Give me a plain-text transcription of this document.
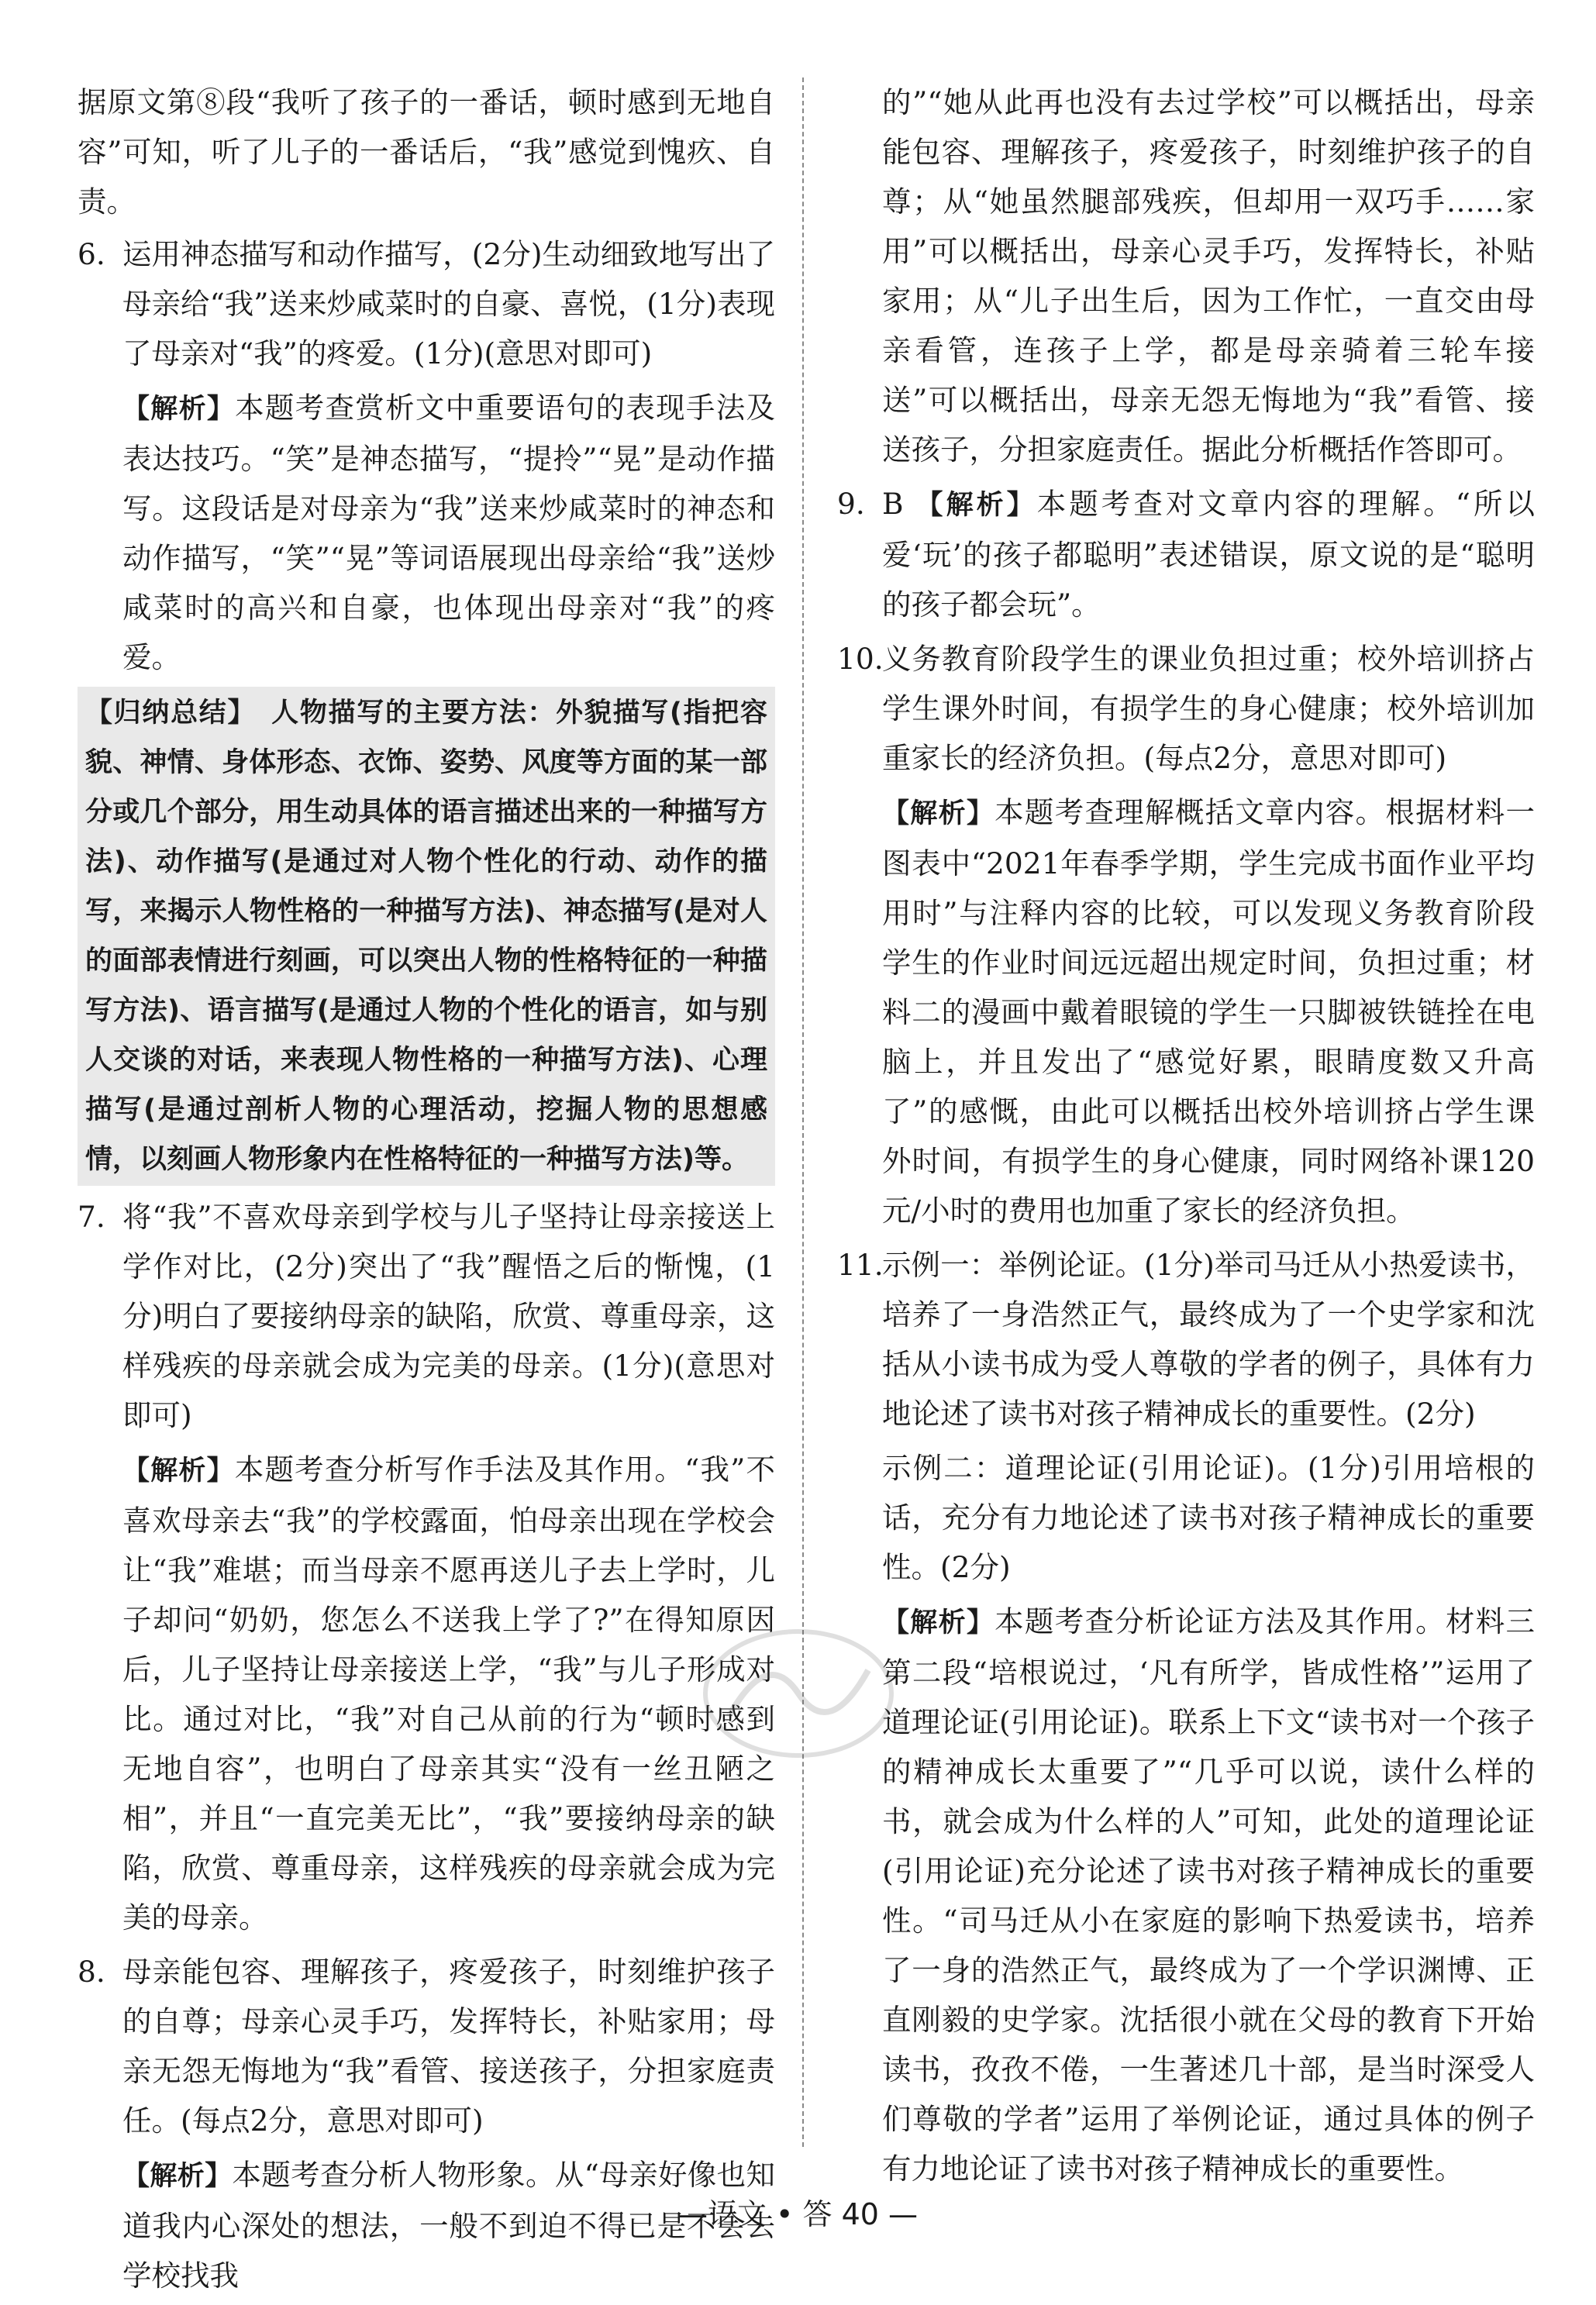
据原文第⑧段“我听了孩子的一番话，顿时感到无地自容”可知，听了儿子的一番话后，“我”感觉到愧疚、自责。

6. 运用神态描写和动作描写，(2分)生动细致地写出了母亲给“我”送来炒咸菜时的自豪、喜悦，(1分)表现了母亲对“我”的疼爱。(1分)(意思对即可)

【解析】本题考查赏析文中重要语句的表现手法及表达技巧。“笑”是神态描写，“提拎”“晃”是动作描写。这段话是对母亲为“我”送来炒咸菜时的神态和动作描写，“笑”“晃”等词语展现出母亲给“我”送炒咸菜时的高兴和自豪，也体现出母亲对“我”的疼爱。

【归纳总结】 人物描写的主要方法：外貌描写(指把容貌、神情、身体形态、衣饰、姿势、风度等方面的某一部分或几个部分，用生动具体的语言描述出来的一种描写方法)、动作描写(是通过对人物个性化的行动、动作的描写，来揭示人物性格的一种描写方法)、神态描写(是对人的面部表情进行刻画，可以突出人物的性格特征的一种描写方法)、语言描写(是通过人物的个性化的语言，如与别人交谈的对话，来表现人物性格的一种描写方法)、心理描写(是通过剖析人物的心理活动，挖掘人物的思想感情，以刻画人物形象内在性格特征的一种描写方法)等。
7. 将“我”不喜欢母亲到学校与儿子坚持让母亲接送上学作对比，(2分)突出了“我”醒悟之后的惭愧，(1分)明白了要接纳母亲的缺陷，欣赏、尊重母亲，这样残疾的母亲就会成为完美的母亲。(1分)(意思对即可)

【解析】本题考查分析写作手法及其作用。“我”不喜欢母亲去“我”的学校露面，怕母亲出现在学校会让“我”难堪；而当母亲不愿再送儿子去上学时，儿子却问“奶奶，您怎么不送我上学了?”在得知原因后，儿子坚持让母亲接送上学，“我”与儿子形成对比。通过对比，“我”对自己从前的行为“顿时感到无地自容”，也明白了母亲其实“没有一丝丑陋之相”，并且“一直完美无比”，“我”要接纳母亲的缺陷，欣赏、尊重母亲，这样残疾的母亲就会成为完美的母亲。

8. 母亲能包容、理解孩子，疼爱孩子，时刻维护孩子的自尊；母亲心灵手巧，发挥特长，补贴家用；母亲无怨无悔地为“我”看管、接送孩子，分担家庭责任。(每点2分，意思对即可)

【解析】本题考查分析人物形象。从“母亲好像也知道我内心深处的想法，一般不到迫不得已是不会去学校找我

的”“她从此再也没有去过学校”可以概括出，母亲能包容、理解孩子，疼爱孩子，时刻维护孩子的自尊；从“她虽然腿部残疾，但却用一双巧手……家用”可以概括出，母亲心灵手巧，发挥特长，补贴家用；从“儿子出生后，因为工作忙，一直交由母亲看管，连孩子上学，都是母亲骑着三轮车接送”可以概括出，母亲无怨无悔地为“我”看管、接送孩子，分担家庭责任。据此分析概括作答即可。

9. B 【解析】本题考查对文章内容的理解。“所以爱‘玩’的孩子都聪明”表述错误，原文说的是“聪明的孩子都会玩”。
10.
义务教育阶段学生的课业负担过重；校外培训挤占学生课外时间，有损学生的身心健康；校外培训加重家长的经济负担。(每点2分，意思对即可)

【解析】本题考查理解概括文章内容。根据材料一图表中“2021年春季学期，学生完成书面作业平均用时”与注释内容的比较，可以发现义务教育阶段学生的作业时间远远超出规定时间，负担过重；材料二的漫画中戴着眼镜的学生一只脚被铁链拴在电脑上，并且发出了“感觉好累，眼睛度数又升高了”的感慨，由此可以概括出校外培训挤占学生课外时间，有损学生的身心健康，同时网络补课120元/小时的费用也加重了家长的经济负担。

11.
示例一：举例论证。(1分)举司马迁从小热爱读书，培养了一身浩然正气，最终成为了一个史学家和沈括从小读书成为受人尊敬的学者的例子，具体有力地论述了读书对孩子精神成长的重要性。(2分)

示例二：道理论证(引用论证)。(1分)引用培根的话，充分有力地论述了读书对孩子精神成长的重要性。(2分)

【解析】本题考查分析论证方法及其作用。材料三第二段“培根说过，‘凡有所学，皆成性格’”运用了道理论证(引用论证)。联系上下文“读书对一个孩子的精神成长太重要了”“几乎可以说，读什么样的书，就会成为什么样的人”可知，此处的道理论证(引用论证)充分论述了读书对孩子精神成长的重要性。“司马迁从小在家庭的影响下热爱读书，培养了一身的浩然正气，最终成为了一个学识渊博、正直刚毅的史学家。沈括很小就在父母的教育下开始读书，孜孜不倦，一生著述几十部，是当时深受人们尊敬的学者”运用了举例论证，通过具体的例子有力地论证了读书对孩子精神成长的重要性。

—语文 • 答 40 —
